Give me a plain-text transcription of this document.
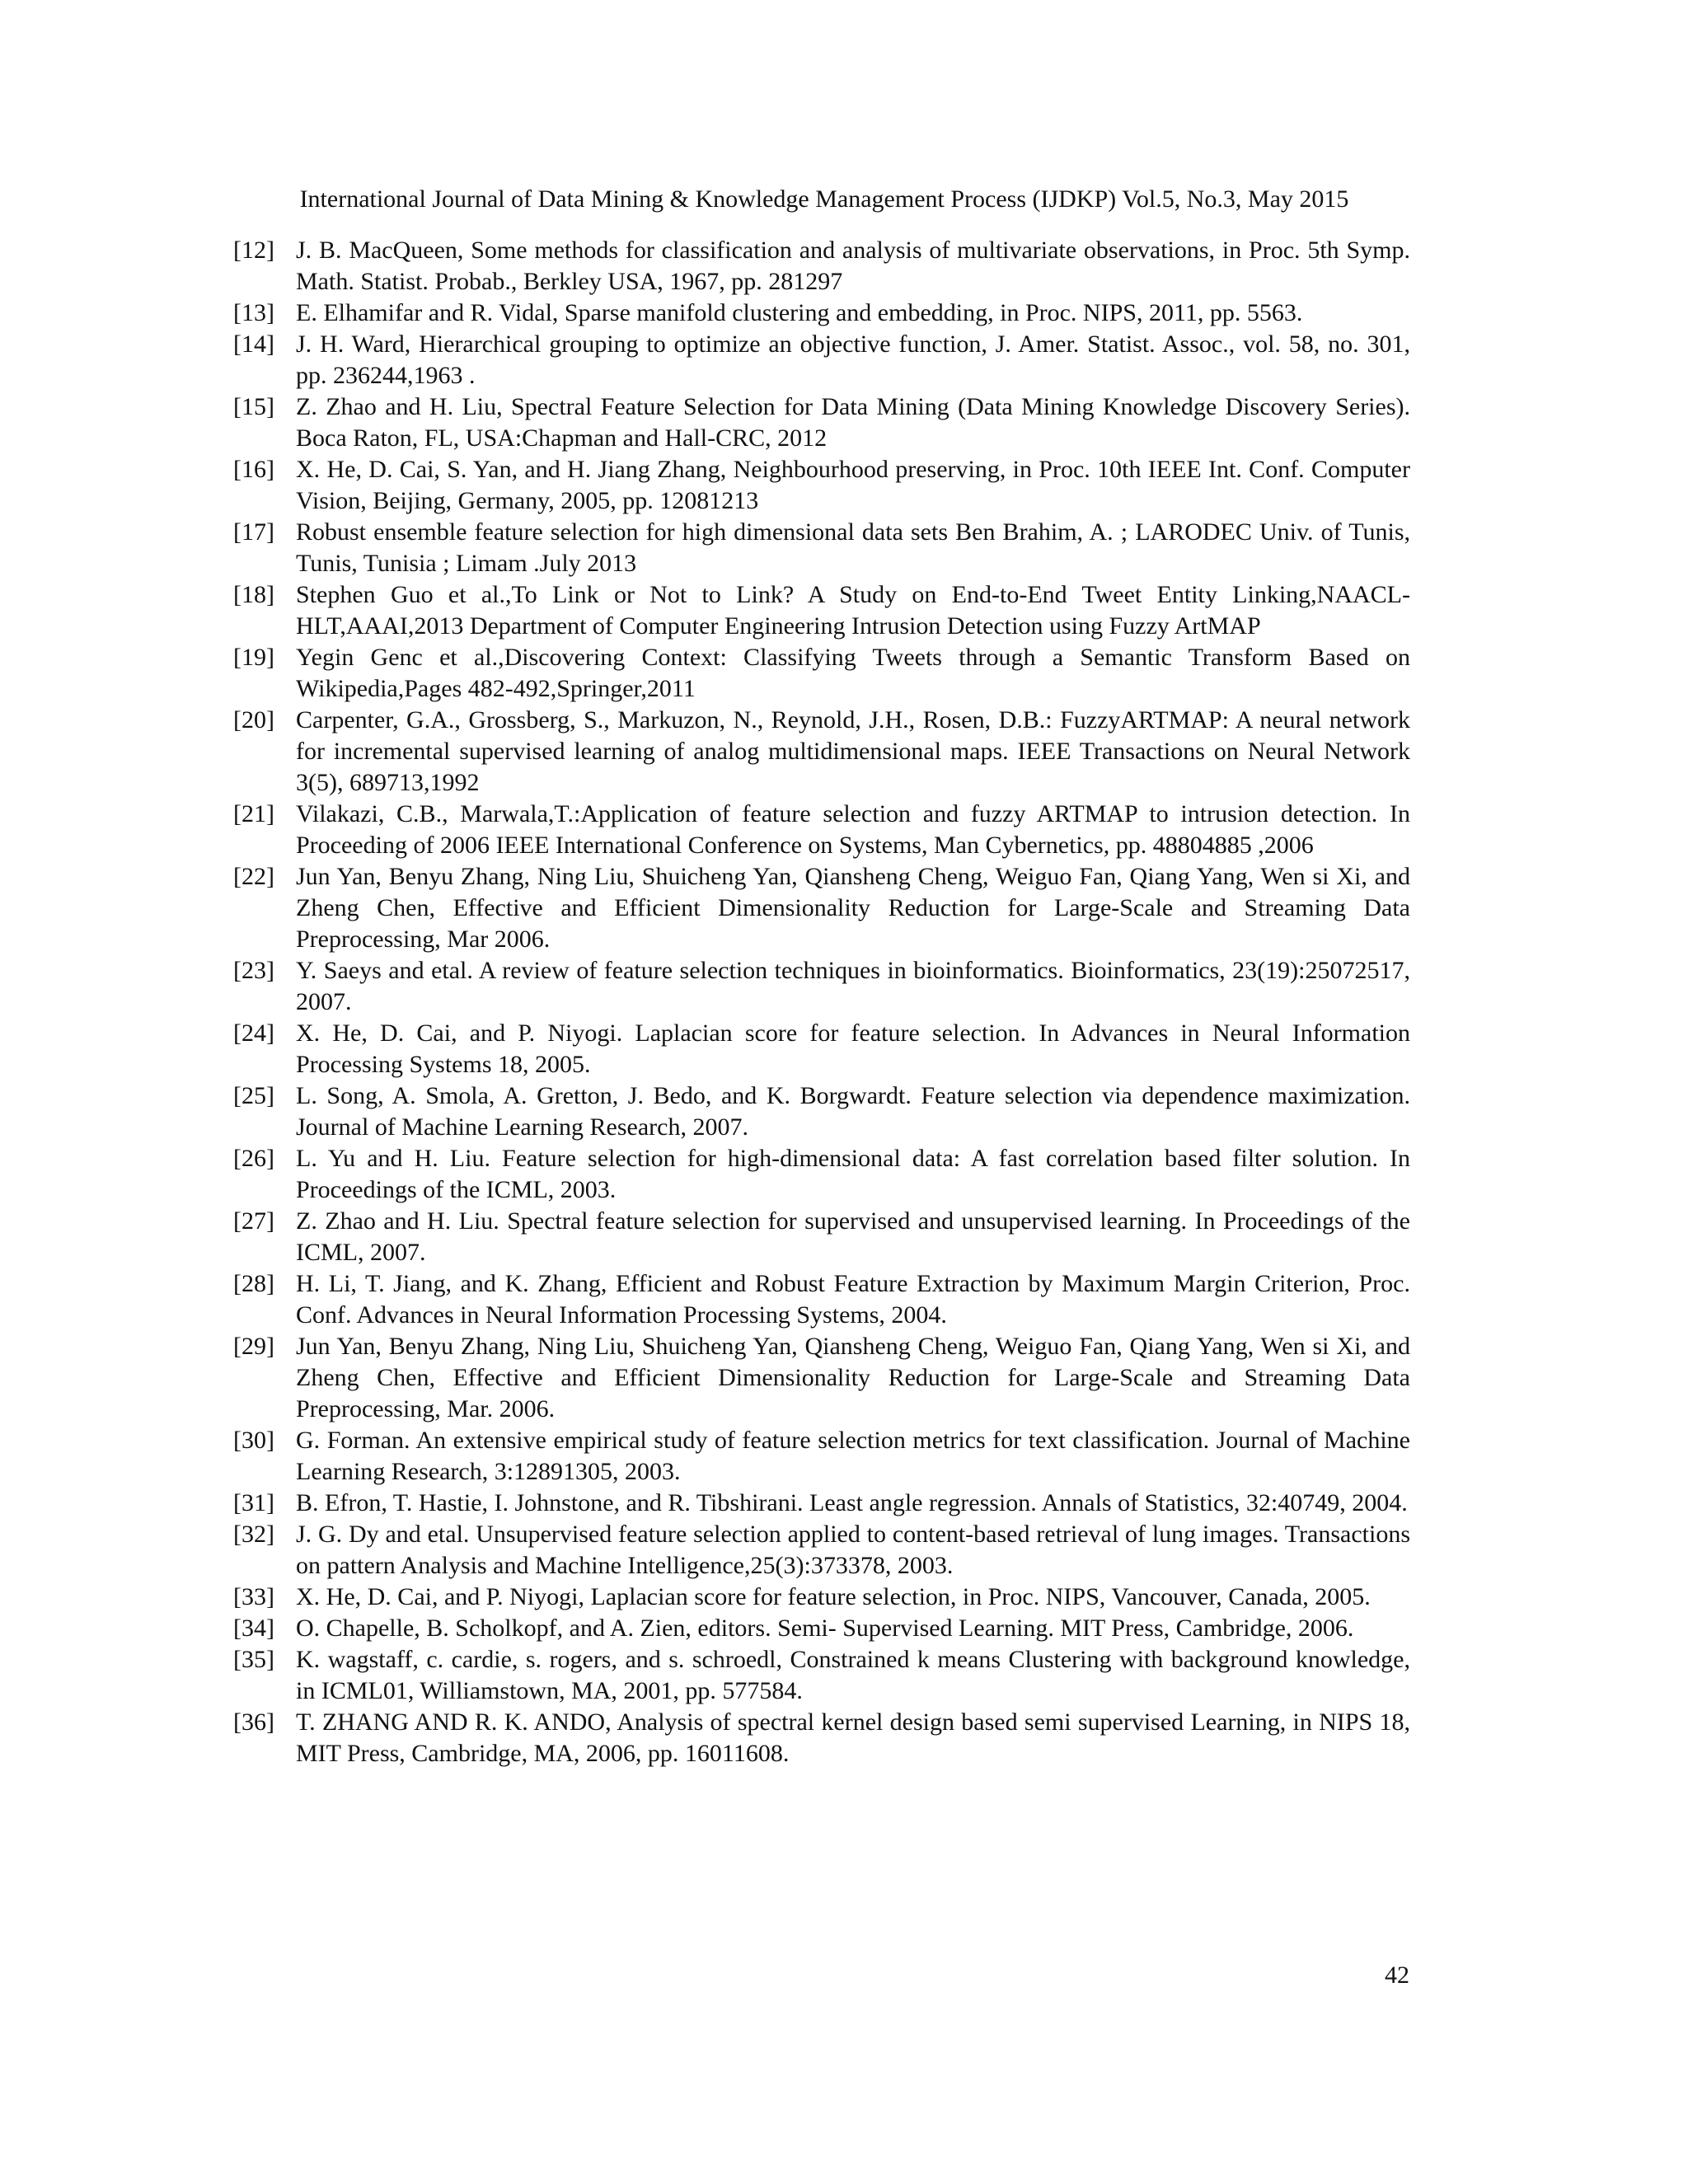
International Journal of Data Mining & Knowledge Management Process (IJDKP) Vol.5, No.3, May 2015
[12] J. B. MacQueen, Some methods for classification and analysis of multivariate observations, in Proc. 5th Symp. Math. Statist. Probab., Berkley USA, 1967, pp. 281297
[13] E. Elhamifar and R. Vidal, Sparse manifold clustering and embedding, in Proc. NIPS, 2011, pp. 5563.
[14] J. H. Ward, Hierarchical grouping to optimize an objective function, J. Amer. Statist. Assoc., vol. 58, no. 301, pp. 236244,1963 .
[15] Z. Zhao and H. Liu, Spectral Feature Selection for Data Mining (Data Mining Knowledge Discovery Series). Boca Raton, FL, USA:Chapman and Hall-CRC, 2012
[16] X. He, D. Cai, S. Yan, and H. Jiang Zhang, Neighbourhood preserving, in Proc. 10th IEEE Int. Conf. Computer Vision, Beijing, Germany, 2005, pp. 12081213
[17] Robust ensemble feature selection for high dimensional data sets Ben Brahim, A. ; LARODEC Univ. of Tunis, Tunis, Tunisia ; Limam .July 2013
[18] Stephen Guo et al.,To Link or Not to Link? A Study on End-to-End Tweet Entity Linking,NAACL-HLT,AAAI,2013 Department of Computer Engineering Intrusion Detection using Fuzzy ArtMAP
[19] Yegin Genc et al.,Discovering Context: Classifying Tweets through a Semantic Transform Based on Wikipedia,Pages 482-492,Springer,2011
[20] Carpenter, G.A., Grossberg, S., Markuzon, N., Reynold, J.H., Rosen, D.B.: FuzzyARTMAP: A neural network for incremental supervised learning of analog multidimensional maps. IEEE Transactions on Neural Network 3(5), 689713,1992
[21] Vilakazi, C.B., Marwala,T.:Application of feature selection and fuzzy ARTMAP to intrusion detection. In Proceeding of 2006 IEEE International Conference on Systems, Man Cybernetics, pp. 48804885 ,2006
[22] Jun Yan, Benyu Zhang, Ning Liu, Shuicheng Yan, Qiansheng Cheng, Weiguo Fan, Qiang Yang, Wen si Xi, and Zheng Chen, Effective and Efficient Dimensionality Reduction for Large-Scale and Streaming Data Preprocessing, Mar 2006.
[23] Y. Saeys and etal. A review of feature selection techniques in bioinformatics. Bioinformatics, 23(19):25072517, 2007.
[24] X. He, D. Cai, and P. Niyogi. Laplacian score for feature selection. In Advances in Neural Information Processing Systems 18, 2005.
[25] L. Song, A. Smola, A. Gretton, J. Bedo, and K. Borgwardt. Feature selection via dependence maximization. Journal of Machine Learning Research, 2007.
[26] L. Yu and H. Liu. Feature selection for high-dimensional data: A fast correlation based filter solution. In Proceedings of the ICML, 2003.
[27] Z. Zhao and H. Liu. Spectral feature selection for supervised and unsupervised learning. In Proceedings of the ICML, 2007.
[28] H. Li, T. Jiang, and K. Zhang, Efficient and Robust Feature Extraction by Maximum Margin Criterion, Proc. Conf. Advances in Neural Information Processing Systems, 2004.
[29] Jun Yan, Benyu Zhang, Ning Liu, Shuicheng Yan, Qiansheng Cheng, Weiguo Fan, Qiang Yang, Wen si Xi, and Zheng Chen, Effective and Efficient Dimensionality Reduction for Large-Scale and Streaming Data Preprocessing, Mar. 2006.
[30] G. Forman. An extensive empirical study of feature selection metrics for text classification. Journal of Machine Learning Research, 3:12891305, 2003.
[31] B. Efron, T. Hastie, I. Johnstone, and R. Tibshirani. Least angle regression. Annals of Statistics, 32:40749, 2004.
[32] J. G. Dy and etal. Unsupervised feature selection applied to content-based retrieval of lung images. Transactions on pattern Analysis and Machine Intelligence,25(3):373378, 2003.
[33] X. He, D. Cai, and P. Niyogi, Laplacian score for feature selection, in Proc. NIPS, Vancouver, Canada, 2005.
[34] O. Chapelle, B. Scholkopf, and A. Zien, editors. Semi- Supervised Learning. MIT Press, Cambridge, 2006.
[35] K. wagstaff, c. cardie, s. rogers, and s. schroedl, Constrained k means Clustering with background knowledge, in ICML01, Williamstown, MA, 2001, pp. 577584.
[36] T. ZHANG AND R. K. ANDO, Analysis of spectral kernel design based semi supervised Learning, in NIPS 18, MIT Press, Cambridge, MA, 2006, pp. 16011608.
42
